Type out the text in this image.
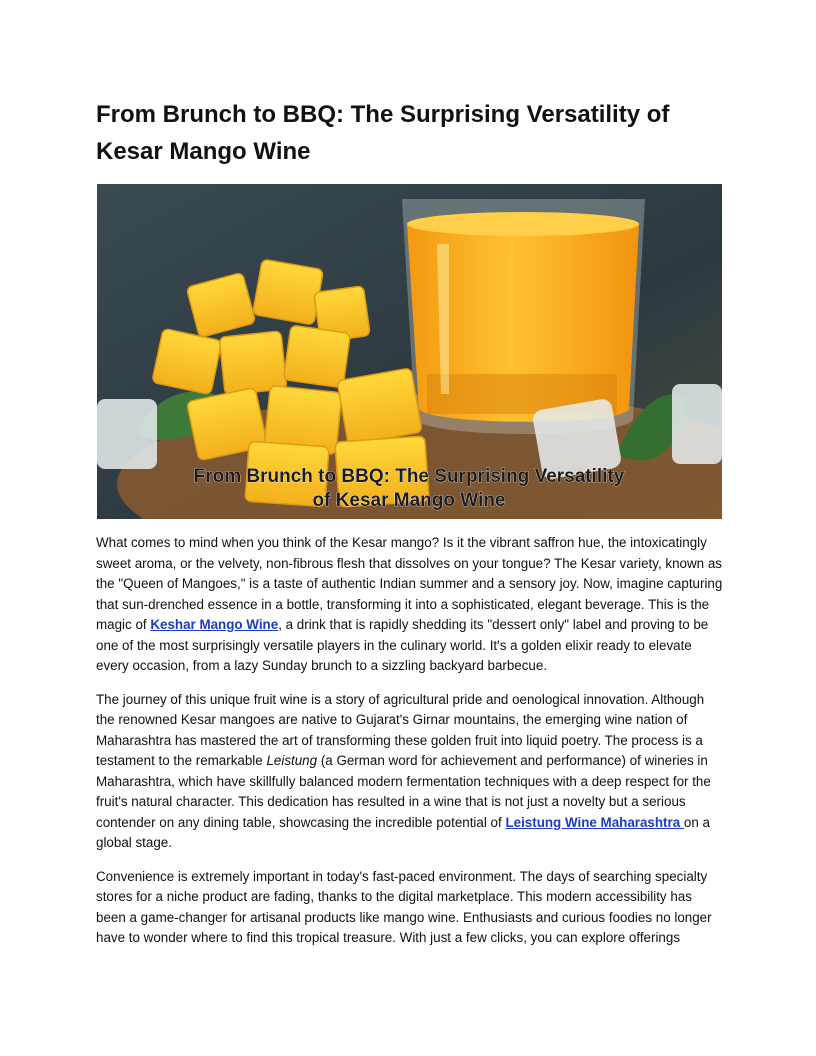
From Brunch to BBQ: The Surprising Versatility of Kesar Mango Wine
From Brunch to BBQ: The Surprising Versatility
of Kesar Mango Wine

What comes to mind when you think of the Kesar mango? Is it the vibrant saffron hue, the intoxicatingly sweet aroma, or the velvety, non-fibrous flesh that dissolves on your tongue? The Kesar variety, known as the "Queen of Mangoes," is a taste of authentic Indian summer and a sensory joy. Now, imagine capturing that sun-drenched essence in a bottle, transforming it into a sophisticated, elegant beverage. This is the magic of Keshar Mango Wine, a drink that is rapidly shedding its "dessert only" label and proving to be one of the most surprisingly versatile players in the culinary world. It's a golden elixir ready to elevate every occasion, from a lazy Sunday brunch to a sizzling backyard barbecue.

The journey of this unique fruit wine is a story of agricultural pride and oenological innovation. Although the renowned Kesar mangoes are native to Gujarat's Girnar mountains, the emerging wine nation of Maharashtra has mastered the art of transforming these golden fruit into liquid poetry. The process is a testament to the remarkable Leistung (a German word for achievement and performance) of wineries in Maharashtra, which have skillfully balanced modern fermentation techniques with a deep respect for the fruit's natural character. This dedication has resulted in a wine that is not just a novelty but a serious contender on any dining table, showcasing the incredible potential of Leistung Wine Maharashtra on a global stage.

Convenience is extremely important in today's fast-paced environment. The days of searching specialty stores for a niche product are fading, thanks to the digital marketplace. This modern accessibility has been a game-changer for artisanal products like mango wine. Enthusiasts and curious foodies no longer have to wonder where to find this tropical treasure. With just a few clicks, you can explore offerings
